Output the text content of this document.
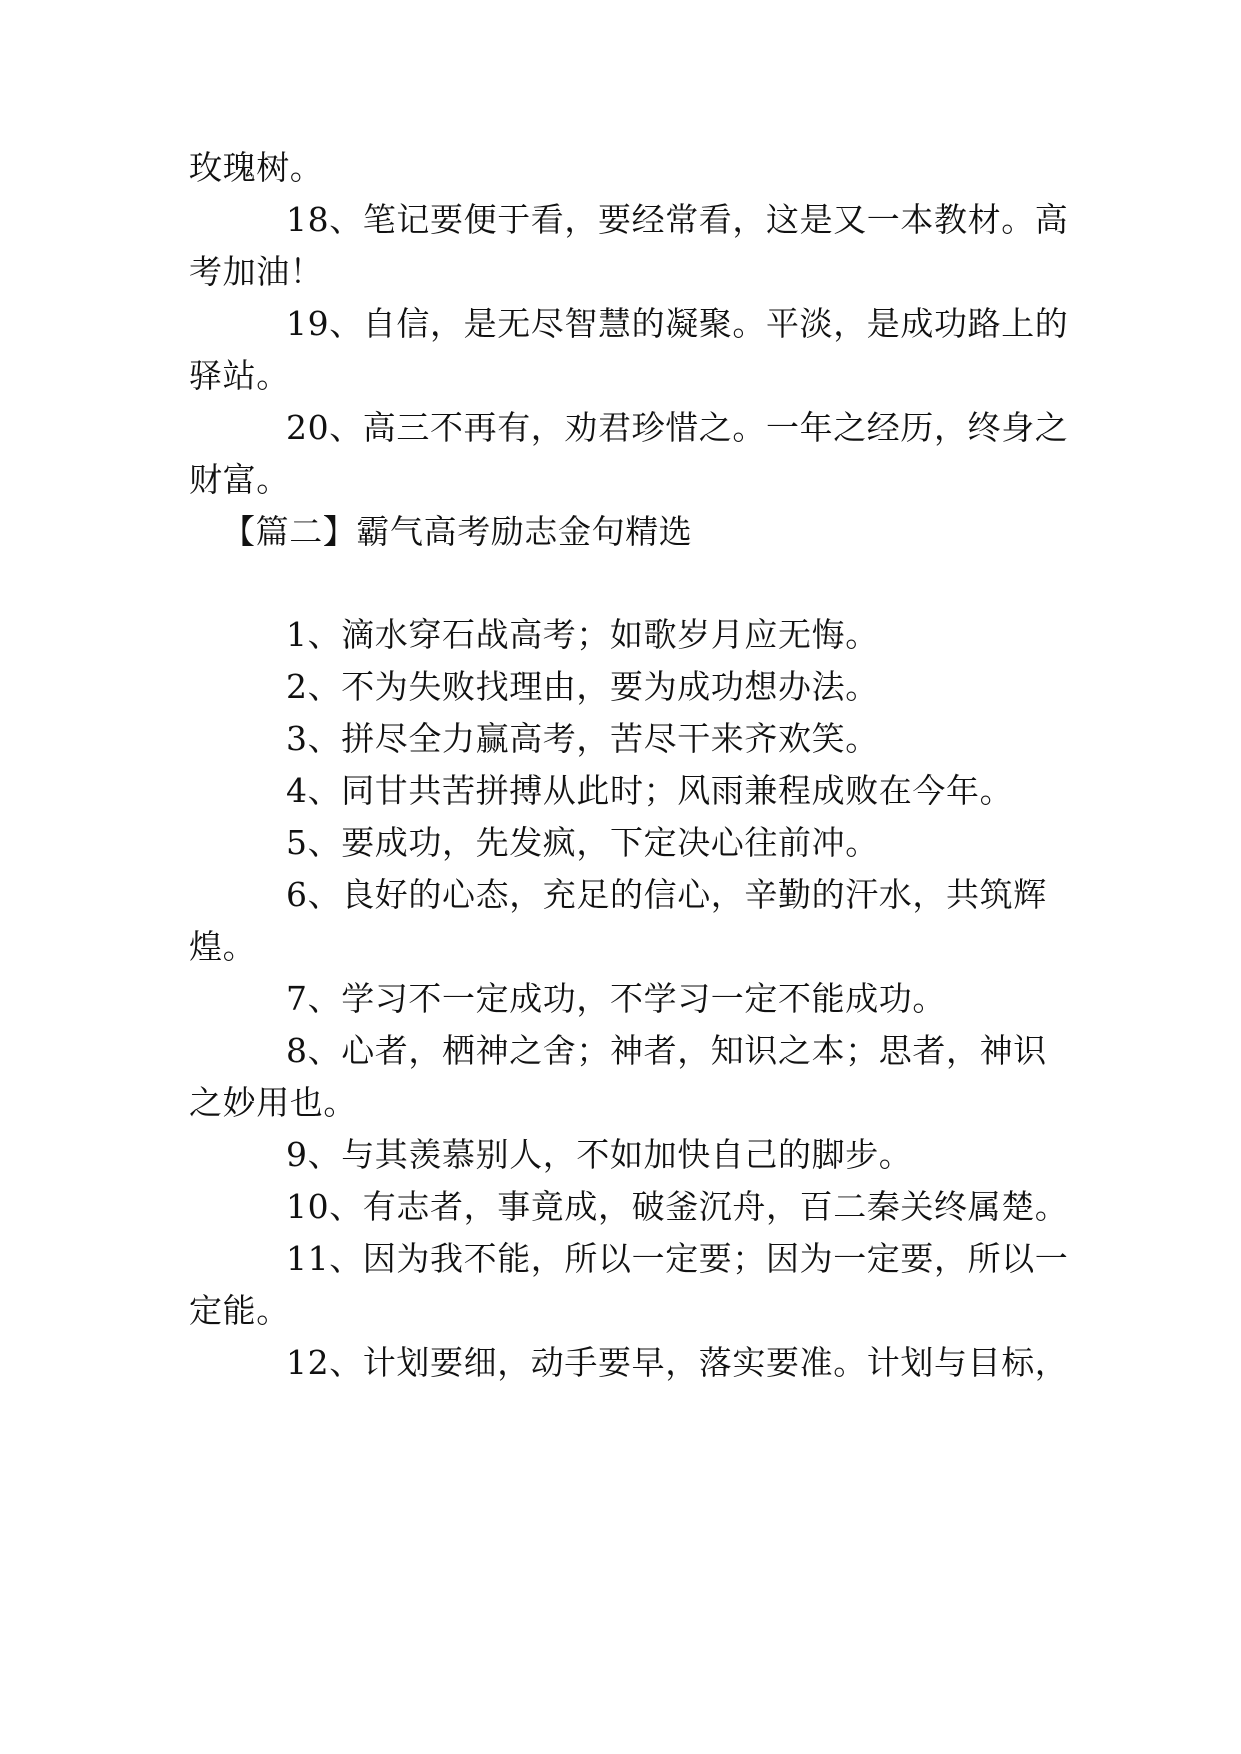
玫瑰树。
18、笔记要便于看，要经常看，这是又一本教材。高
考加油！
19、自信，是无尽智慧的凝聚。平淡，是成功路上的
驿站。
20、高三不再有，劝君珍惜之。一年之经历，终身之
财富。
【篇二】霸气高考励志金句精选
1、滴水穿石战高考；如歌岁月应无悔。
2、不为失败找理由，要为成功想办法。
3、拼尽全力赢高考，苦尽干来齐欢笑。
4、同甘共苦拼搏从此时；风雨兼程成败在今年。
5、要成功，先发疯，下定决心往前冲。
6、良好的心态，充足的信心，辛勤的汗水，共筑辉
煌。
7、学习不一定成功，不学习一定不能成功。
8、心者，栖神之舍；神者，知识之本；思者，神识
之妙用也。
9、与其羡慕别人，不如加快自己的脚步。
10、有志者，事竟成，破釜沉舟，百二秦关终属楚。
11、因为我不能，所以一定要；因为一定要，所以一
定能。
12、计划要细，动手要早，落实要准。计划与目标，
